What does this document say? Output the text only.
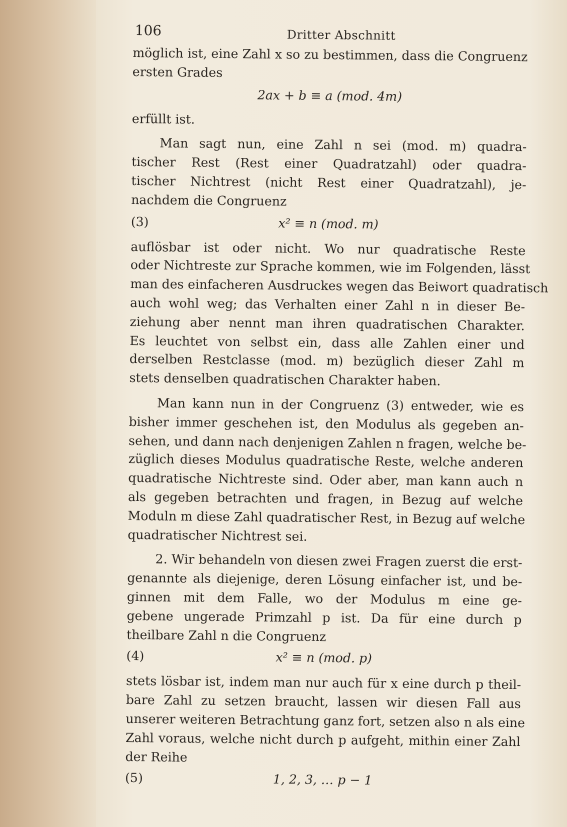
106	Dritter Abschnitt

möglich ist, eine Zahl x so zu bestimmen, dass die Congruenz
ersten Grades

2ax + b ≡ a (mod. 4m)

erfüllt ist.

Man sagt nun, eine Zahl n sei (mod. m) quadra-
tischer Rest (Rest einer Quadratzahl) oder quadra-
tischer Nichtrest (nicht Rest einer Quadratzahl), je-
nachdem die Congruenz

(3)	x² ≡ n (mod. m)

auflösbar ist oder nicht. Wo nur quadratische Reste
oder Nichtreste zur Sprache kommen, wie im Folgenden, lässt
man des einfacheren Ausdruckes wegen das Beiwort quadratisch
auch wohl weg; das Verhalten einer Zahl n in dieser Be-
ziehung aber nennt man ihren quadratischen Charakter.
Es leuchtet von selbst ein, dass alle Zahlen einer und
derselben Restclasse (mod. m) bezüglich dieser Zahl m
stets denselben quadratischen Charakter haben.

Man kann nun in der Congruenz (3) entweder, wie es
bisher immer geschehen ist, den Modulus als gegeben an-
sehen, und dann nach denjenigen Zahlen n fragen, welche be-
züglich dieses Modulus quadratische Reste, welche anderen
quadratische Nichtreste sind. Oder aber, man kann auch n
als gegeben betrachten und fragen, in Bezug auf welche
Moduln m diese Zahl quadratischer Rest, in Bezug auf welche
quadratischer Nichtrest sei.

2. Wir behandeln von diesen zwei Fragen zuerst die erst-
genannte als diejenige, deren Lösung einfacher ist, und be-
ginnen mit dem Falle, wo der Modulus m eine ge-
gebene ungerade Primzahl p ist. Da für eine durch p
theilbare Zahl n die Congruenz

(4)	x² ≡ n (mod. p)

stets lösbar ist, indem man nur auch für x eine durch p theil-
bare Zahl zu setzen braucht, lassen wir diesen Fall aus
unserer weiteren Betrachtung ganz fort, setzen also n als eine
Zahl voraus, welche nicht durch p aufgeht, mithin einer Zahl
der Reihe

(5)	1, 2, 3, … p − 1
